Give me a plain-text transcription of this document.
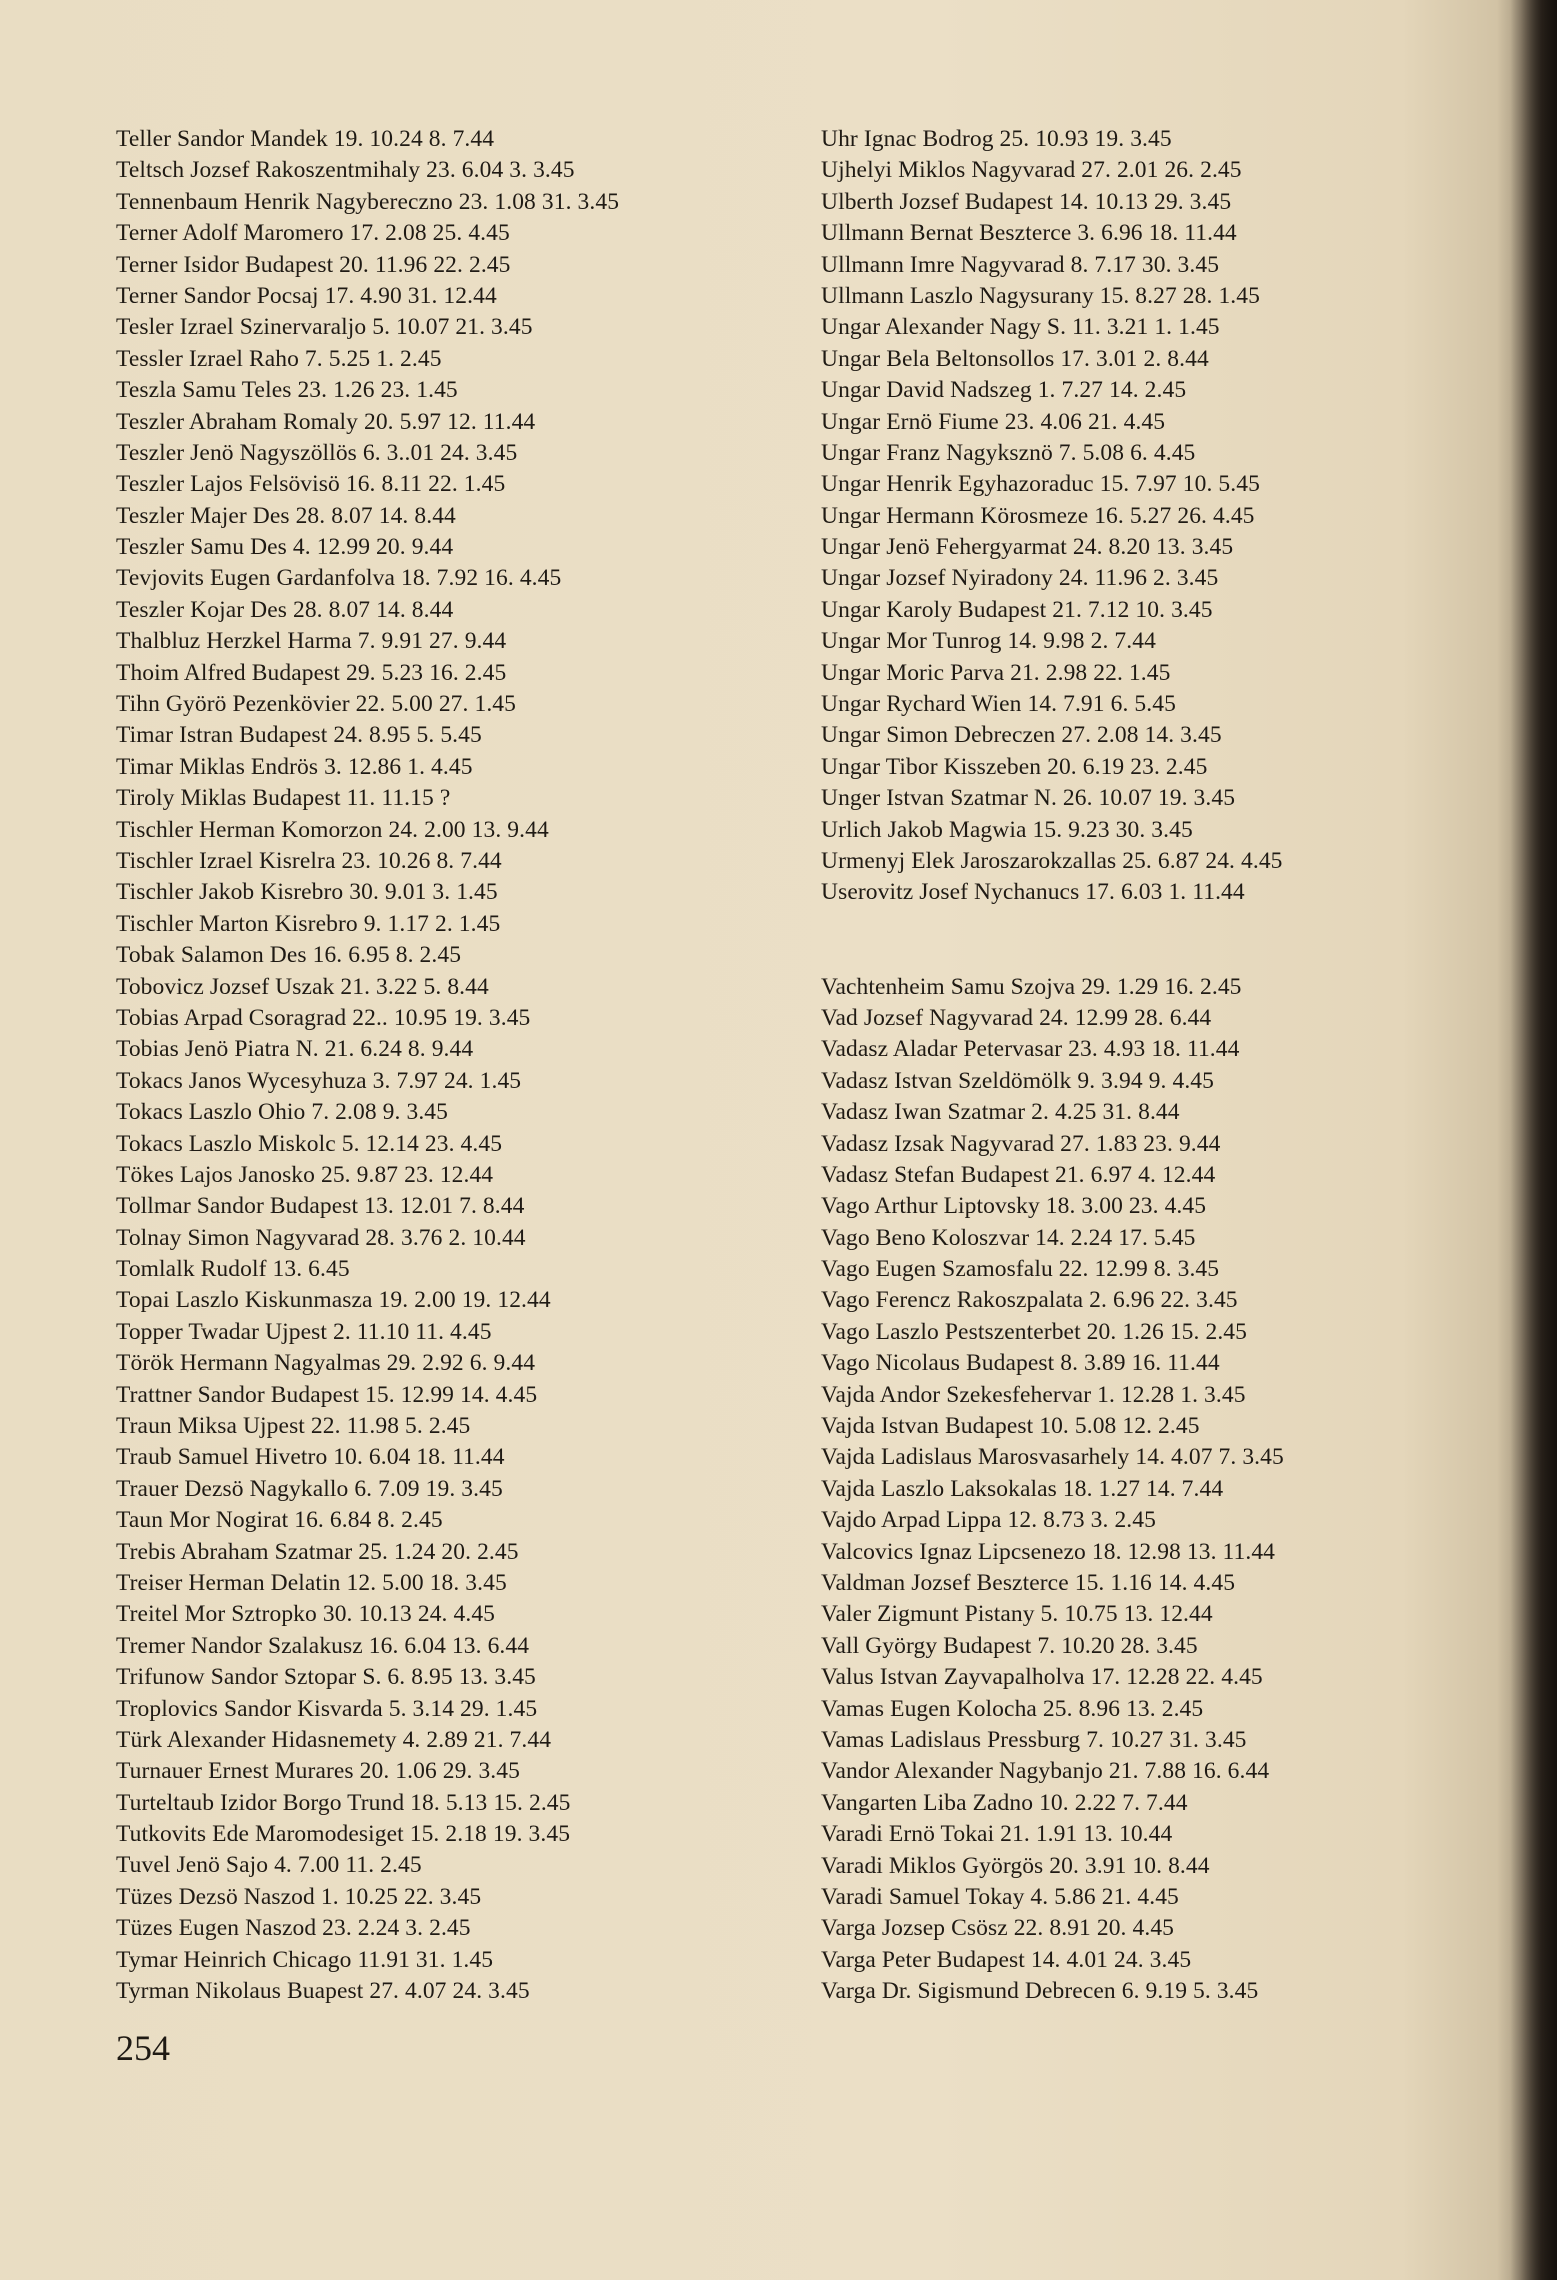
Teller Sandor Mandek 19. 10.24 8. 7.44
Teltsch Jozsef Rakoszentmihaly 23. 6.04 3. 3.45
Tennenbaum Henrik Nagybereczno 23. 1.08 31. 3.45
Terner Adolf Maromero 17. 2.08 25. 4.45
Terner Isidor Budapest 20. 11.96 22. 2.45
Terner Sandor Pocsaj 17. 4.90 31. 12.44
Tesler Izrael Szinervaraljo 5. 10.07 21. 3.45
Tessler Izrael Raho 7. 5.25 1. 2.45
Teszla Samu Teles 23. 1.26 23. 1.45
Teszler Abraham Romaly 20. 5.97 12. 11.44
Teszler Jenö Nagyszöllös 6. 3..01 24. 3.45
Teszler Lajos Felsövisö 16. 8.11 22. 1.45
Teszler Majer Des 28. 8.07 14. 8.44
Teszler Samu Des 4. 12.99 20. 9.44
Tevjovits Eugen Gardanfolva 18. 7.92 16. 4.45
Teszler Kojar Des 28. 8.07 14. 8.44
Thalbluz Herzkel Harma 7. 9.91 27. 9.44
Thoim Alfred Budapest 29. 5.23 16. 2.45
Tihn Györö Pezenkövier 22. 5.00 27. 1.45
Timar Istran Budapest 24. 8.95 5. 5.45
Timar Miklas Endrös 3. 12.86 1. 4.45
Tiroly Miklas Budapest 11. 11.15 ?
Tischler Herman Komorzon 24. 2.00 13. 9.44
Tischler Izrael Kisrelra 23. 10.26 8. 7.44
Tischler Jakob Kisrebro 30. 9.01 3. 1.45
Tischler Marton Kisrebro 9. 1.17 2. 1.45
Tobak Salamon Des 16. 6.95 8. 2.45
Tobovicz Jozsef Uszak 21. 3.22 5. 8.44
Tobias Arpad Csoragrad 22.. 10.95 19. 3.45
Tobias Jenö Piatra N. 21. 6.24 8. 9.44
Tokacs Janos Wycesyhuza 3. 7.97 24. 1.45
Tokacs Laszlo Ohio 7. 2.08 9. 3.45
Tokacs Laszlo Miskolc 5. 12.14 23. 4.45
Tökes Lajos Janosko 25. 9.87 23. 12.44
Tollmar Sandor Budapest 13. 12.01 7. 8.44
Tolnay Simon Nagyvarad 28. 3.76 2. 10.44
Tomlalk Rudolf 13. 6.45
Topai Laszlo Kiskunmasza 19. 2.00 19. 12.44
Topper Twadar Ujpest 2. 11.10 11. 4.45
Török Hermann Nagyalmas 29. 2.92 6. 9.44
Trattner Sandor Budapest 15. 12.99 14. 4.45
Traun Miksa Ujpest 22. 11.98 5. 2.45
Traub Samuel Hivetro 10. 6.04 18. 11.44
Trauer Dezsö Nagykallo 6. 7.09 19. 3.45
Taun Mor Nogirat 16. 6.84 8. 2.45
Trebis Abraham Szatmar 25. 1.24 20. 2.45
Treiser Herman Delatin 12. 5.00 18. 3.45
Treitel Mor Sztropko 30. 10.13 24. 4.45
Tremer Nandor Szalakusz 16. 6.04 13. 6.44
Trifunow Sandor Sztopar S. 6. 8.95 13. 3.45
Troplovics Sandor Kisvarda 5. 3.14 29. 1.45
Türk Alexander Hidasnemety 4. 2.89 21. 7.44
Turnauer Ernest Murares 20. 1.06 29. 3.45
Turteltaub Izidor Borgo Trund 18. 5.13 15. 2.45
Tutkovits Ede Maromodesiget 15. 2.18 19. 3.45
Tuvel Jenö Sajo 4. 7.00 11. 2.45
Tüzes Dezsö Naszod 1. 10.25 22. 3.45
Tüzes Eugen Naszod 23. 2.24 3. 2.45
Tymar Heinrich Chicago 11.91 31. 1.45
Tyrman Nikolaus Buapest 27. 4.07 24. 3.45
Uhr Ignac Bodrog 25. 10.93 19. 3.45
Ujhelyi Miklos Nagyvarad 27. 2.01 26. 2.45
Ulberth Jozsef Budapest 14. 10.13 29. 3.45
Ullmann Bernat Beszterce 3. 6.96 18. 11.44
Ullmann Imre Nagyvarad 8. 7.17 30. 3.45
Ullmann Laszlo Nagysurany 15. 8.27 28. 1.45
Ungar Alexander Nagy S. 11. 3.21 1. 1.45
Ungar Bela Beltonsollos 17. 3.01 2. 8.44
Ungar David Nadszeg 1. 7.27 14. 2.45
Ungar Ernö Fiume 23. 4.06 21. 4.45
Ungar Franz Nagyksznö 7. 5.08 6. 4.45
Ungar Henrik Egyhazoraduc 15. 7.97 10. 5.45
Ungar Hermann Körosmeze 16. 5.27 26. 4.45
Ungar Jenö Fehergyarmat 24. 8.20 13. 3.45
Ungar Jozsef Nyiradony 24. 11.96 2. 3.45
Ungar Karoly Budapest 21. 7.12 10. 3.45
Ungar Mor Tunrog 14. 9.98 2. 7.44
Ungar Moric Parva 21. 2.98 22. 1.45
Ungar Rychard Wien 14. 7.91 6. 5.45
Ungar Simon Debreczen 27. 2.08 14. 3.45
Ungar Tibor Kisszeben 20. 6.19 23. 2.45
Unger Istvan Szatmar N. 26. 10.07 19. 3.45
Urlich Jakob Magwia 15. 9.23 30. 3.45
Urmenyj Elek Jaroszarokzallas 25. 6.87 24. 4.45
Userovitz Josef Nychanucs 17. 6.03 1. 11.44
Vachtenheim Samu Szojva 29. 1.29 16. 2.45
Vad Jozsef Nagyvarad 24. 12.99 28. 6.44
Vadasz Aladar Petervasar 23. 4.93 18. 11.44
Vadasz Istvan Szeldömölk 9. 3.94 9. 4.45
Vadasz Iwan Szatmar 2. 4.25 31. 8.44
Vadasz Izsak Nagyvarad 27. 1.83 23. 9.44
Vadasz Stefan Budapest 21. 6.97 4. 12.44
Vago Arthur Liptovsky 18. 3.00 23. 4.45
Vago Beno Koloszvar 14. 2.24 17. 5.45
Vago Eugen Szamosfalu 22. 12.99 8. 3.45
Vago Ferencz Rakoszpalata 2. 6.96 22. 3.45
Vago Laszlo Pestszenterbet 20. 1.26 15. 2.45
Vago Nicolaus Budapest 8. 3.89 16. 11.44
Vajda Andor Szekesfehervar 1. 12.28 1. 3.45
Vajda Istvan Budapest 10. 5.08 12. 2.45
Vajda Ladislaus Marosvasarhely 14. 4.07 7. 3.45
Vajda Laszlo Laksokalas 18. 1.27 14. 7.44
Vajdo Arpad Lippa 12. 8.73 3. 2.45
Valcovics Ignaz Lipcsenezo 18. 12.98 13. 11.44
Valdman Jozsef Beszterce 15. 1.16 14. 4.45
Valer Zigmunt Pistany 5. 10.75 13. 12.44
Vall György Budapest 7. 10.20 28. 3.45
Valus Istvan Zayvapalholva 17. 12.28 22. 4.45
Vamas Eugen Kolocha 25. 8.96 13. 2.45
Vamas Ladislaus Pressburg 7. 10.27 31. 3.45
Vandor Alexander Nagybanjo 21. 7.88 16. 6.44
Vangarten Liba Zadno 10. 2.22 7. 7.44
Varadi Ernö Tokai 21. 1.91 13. 10.44
Varadi Miklos Györgös 20. 3.91 10. 8.44
Varadi Samuel Tokay 4. 5.86 21. 4.45
Varga Jozsep Csösz 22. 8.91 20. 4.45
Varga Peter Budapest 14. 4.01 24. 3.45
Varga Dr. Sigismund Debrecen 6. 9.19 5. 3.45
254
